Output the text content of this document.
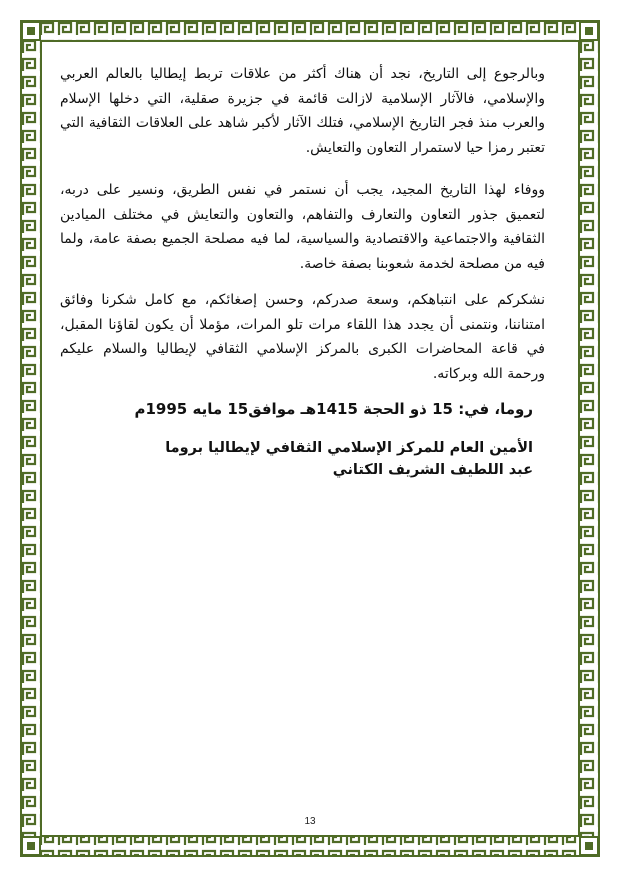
وبالرجوع إلى التاريخ، نجد أن هناك أكثر من علاقات تربط إيطاليا بالعالم العربي والإسلامي، فالآثار الإسلامية لازالت قائمة في جزيرة صقلية، التي دخلها الإسلام والعرب منذ فجر التاريخ الإسلامي، فتلك الآثار لأكبر شاهد على العلاقات الثقافية التي تعتبر رمزا حيا لاستمرار التعاون والتعايش.

ووفاء لهذا التاريخ المجيد، يجب أن نستمر في نفس الطريق، ونسير على دربه، لتعميق جذور التعاون والتعارف والتفاهم، والتعاون والتعايش في مختلف الميادين الثقافية والاجتماعية والاقتصادية والسياسية، لما فيه مصلحة الجميع بصفة عامة، ولما فيه من مصلحة لخدمة شعوبنا بصفة خاصة.

نشكركم على انتباهكم، وسعة صدركم، وحسن إصغائكم، مع كامل شكرنا وفائق امتناننا، ونتمنى أن يجدد هذا اللقاء مرات تلو المرات، مؤملا أن يكون لقاؤنا المقبل، في قاعة المحاضرات الكبرى بالمركز الإسلامي الثقافي لإيطاليا والسلام عليكم ورحمة الله وبركاته.

روما، في: 15 ذو الحجة 1415هـ موافق15 مايه 1995م
الأمين العام للمركز الإسلامي الثقافي لإيطاليا بروما
عبد اللطيف الشريف الكتاني
13
